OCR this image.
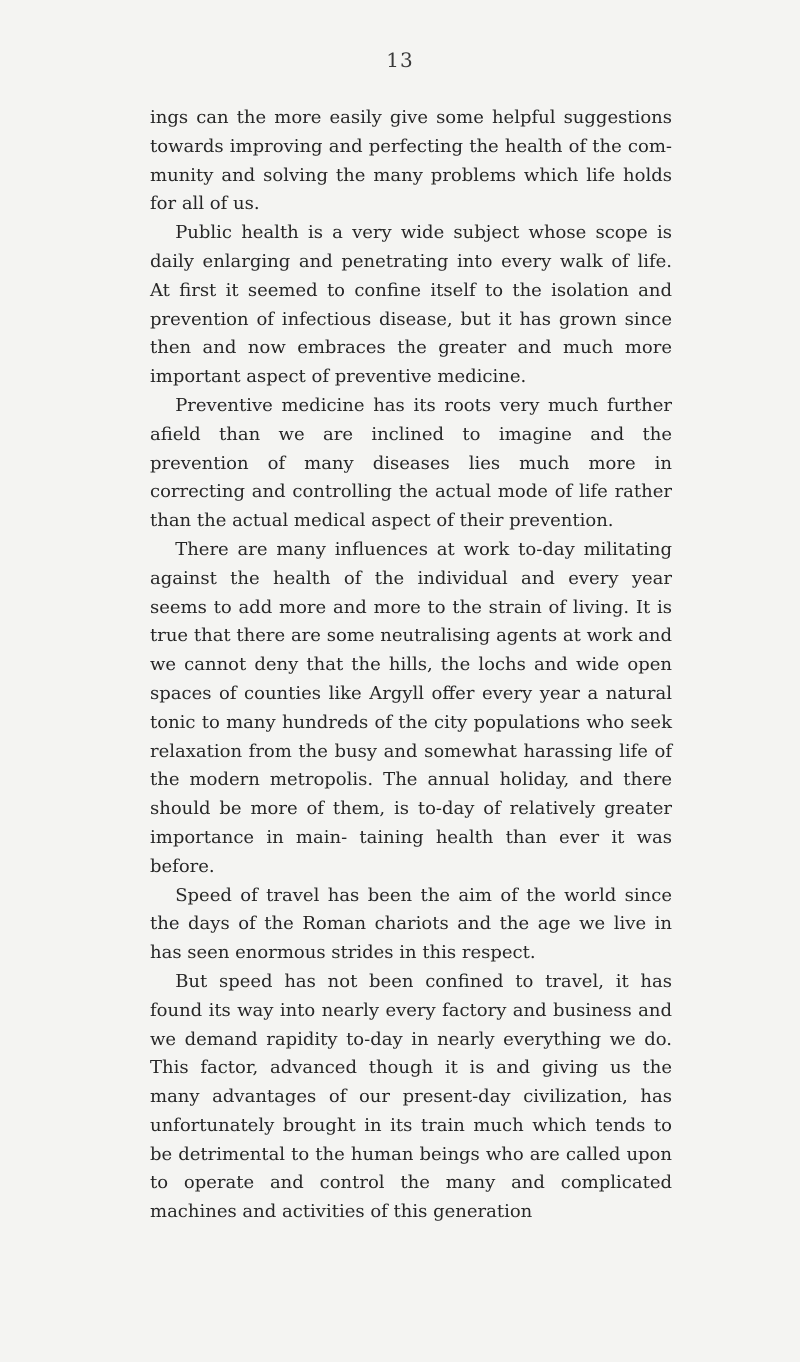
13

ings can the more easily give some helpful suggestions towards improving and perfecting the health of the com- munity and solving the many problems which life holds for all of us.

Public health is a very wide subject whose scope is daily enlarging and penetrating into every walk of life. At first it seemed to confine itself to the isolation and prevention of infectious disease, but it has grown since then and now embraces the greater and much more important aspect of preventive medicine.

Preventive medicine has its roots very much further afield than we are inclined to imagine and the prevention of many diseases lies much more in correcting and controlling the actual mode of life rather than the actual medical aspect of their prevention.

There are many influences at work to-day militating against the health of the individual and every year seems to add more and more to the strain of living. It is true that there are some neutralising agents at work and we cannot deny that the hills, the lochs and wide open spaces of counties like Argyll offer every year a natural tonic to many hundreds of the city populations who seek relaxation from the busy and somewhat harassing life of the modern metropolis. The annual holiday, and there should be more of them, is to-day of relatively greater importance in main- taining health than ever it was before.

Speed of travel has been the aim of the world since the days of the Roman chariots and the age we live in has seen enormous strides in this respect.

But speed has not been confined to travel, it has found its way into nearly every factory and business and we demand rapidity to-day in nearly everything we do. This factor, advanced though it is and giving us the many advantages of our present-day civilization, has unfortunately brought in its train much which tends to be detrimental to the human beings who are called upon to operate and control the many and complicated machines and activities of this generation
